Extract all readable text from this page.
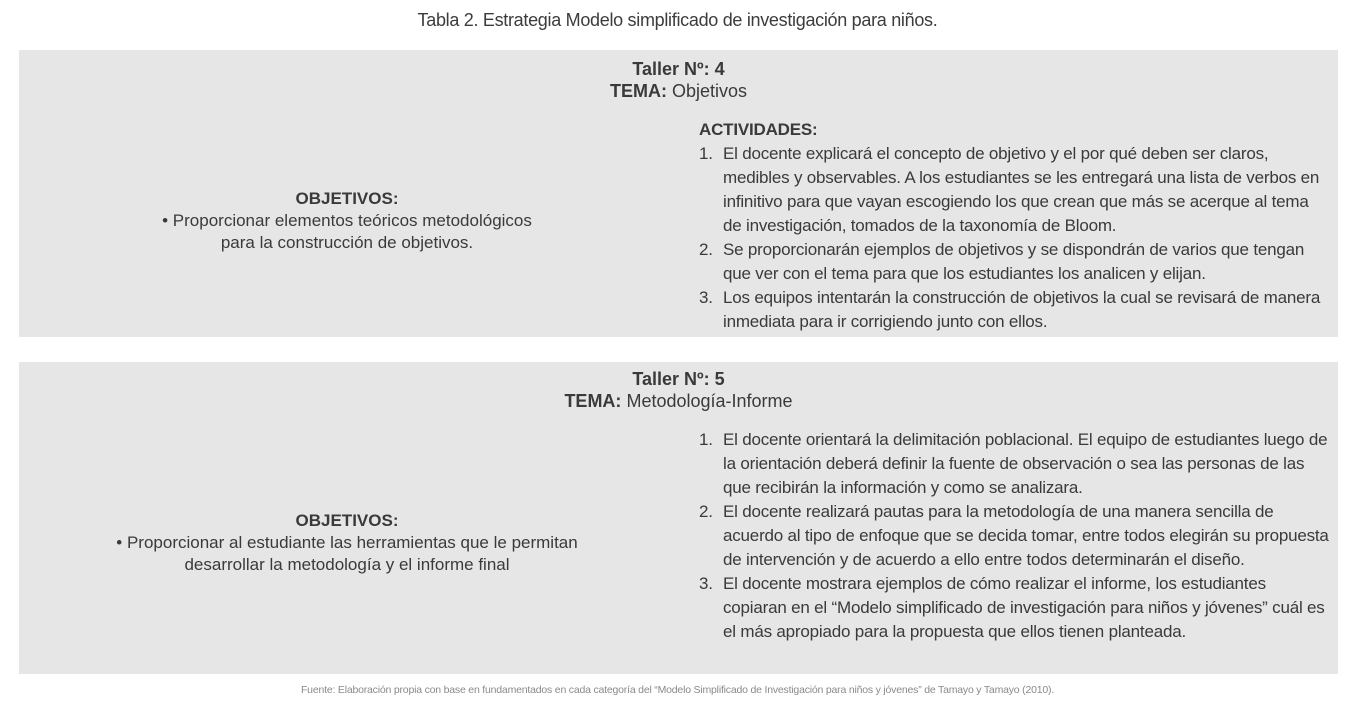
Tabla 2. Estrategia Modelo simplificado de investigación para niños.
Taller Nº: 4
TEMA: Objetivos
OBJETIVOS:
• Proporcionar elementos teóricos metodológicos
para la construcción de objetivos.
ACTIVIDADES:
1. El docente explicará el concepto de objetivo y el por qué deben ser claros, medibles y observables. A los estudiantes se les entregará una lista de verbos en infinitivo para que vayan escogiendo los que crean que más se acerque al tema de investigación, tomados de la taxonomía de Bloom.
2. Se proporcionarán ejemplos de objetivos y se dispondrán de varios que tengan que ver con el tema para que los estudiantes los analicen y elijan.
3. Los equipos intentarán la construcción de objetivos la cual se revisará de manera inmediata para ir corrigiendo junto con ellos.
Taller Nº: 5
TEMA: Metodología-Informe
OBJETIVOS:
• Proporcionar al estudiante las herramientas que le permitan
desarrollar la metodología y el informe final
1. El docente orientará la delimitación poblacional. El equipo de estudiantes luego de la orientación deberá definir la fuente de observación o sea las personas de las que recibirán la información y como se analizara.
2. El docente realizará pautas para la metodología de una manera sencilla de acuerdo al tipo de enfoque que se decida tomar, entre todos elegirán su propuesta de intervención y de acuerdo a ello entre todos determinarán el diseño.
3. El docente mostrara ejemplos de cómo realizar el informe, los estudiantes copiaran en el “Modelo simplificado de investigación para niños y jóvenes” cuál es el más apropiado para la propuesta que ellos tienen planteada.
Fuente: Elaboración propia con base en fundamentados en cada categoría del “Modelo Simplificado de Investigación para niños y jóvenes” de Tamayo y Tamayo (2010).
